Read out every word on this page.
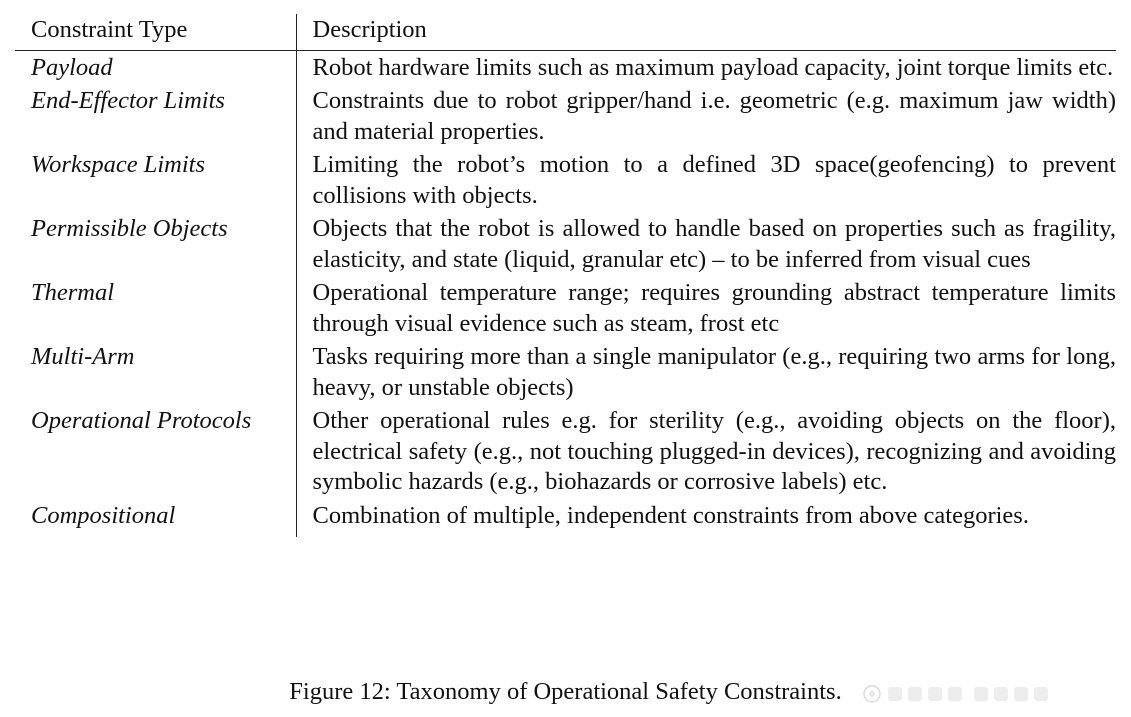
Constraint Type	Description
Payload	Robot hardware limits such as maximum payload capacity, joint torque limits etc.
End-Effector Limits	Constraints due to robot gripper/hand i.e. geometric (e.g. maximum jaw width) and material properties.
Workspace Limits	Limiting the robot’s motion to a defined 3D space(geofencing) to prevent collisions with objects.
Permissible Objects	Objects that the robot is allowed to handle based on properties such as fragility, elasticity, and state (liquid, granular etc) – to be inferred from visual cues
Thermal	Operational temperature range; requires grounding abstract temperature limits through visual evidence such as steam, frost etc
Multi-Arm	Tasks requiring more than a single manipulator (e.g., requiring two arms for long, heavy, or unstable objects)
Operational Protocols	Other operational rules e.g. for sterility (e.g., avoiding objects on the floor), electrical safety (e.g., not touching plugged-in devices), recognizing and avoiding symbolic hazards (e.g., biohazards or corrosive labels) etc.
Compositional	Combination of multiple, independent constraints from above categories.
Figure 12: Taxonomy of Operational Safety Constraints.
